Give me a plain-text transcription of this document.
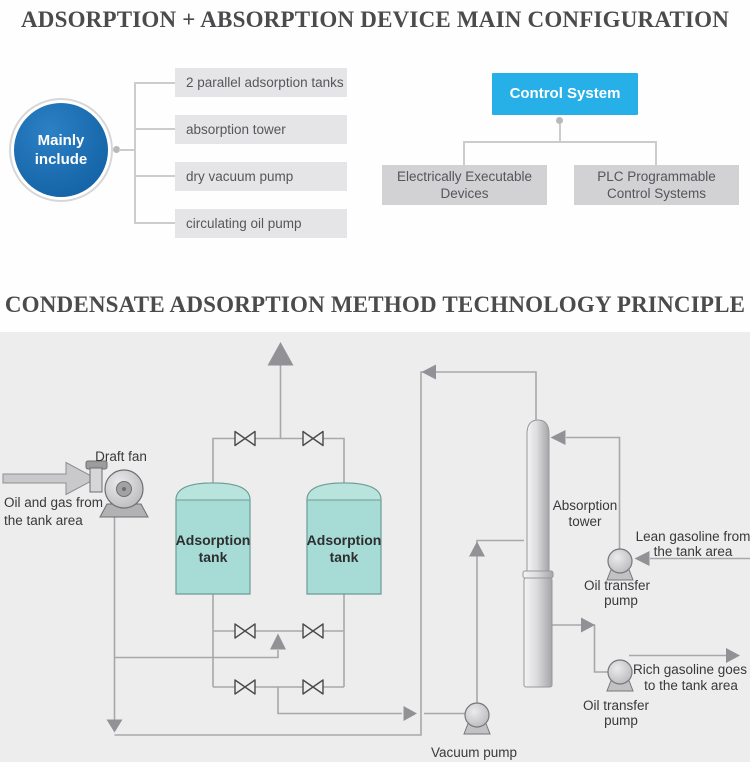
ADSORPTION + ABSORPTION DEVICE MAIN CONFIGURATION
CONDENSATE ADSORPTION METHOD TECHNOLOGY PRINCIPLE
Mainly
include
2 parallel adsorption tanks
absorption tower
dry vacuum pump
circulating oil pump
Control System
Electrically Executable
Devices
PLC Programmable
Control Systems
Draft fan
Oil and gas from
the tank area
Adsorption
tank
Adsorption
tank
Absorption
tower
Lean gasoline from
the tank area
Oil transfer
pump
Rich gasoline goes
to the tank area
Oil transfer
pump
Vacuum pump
